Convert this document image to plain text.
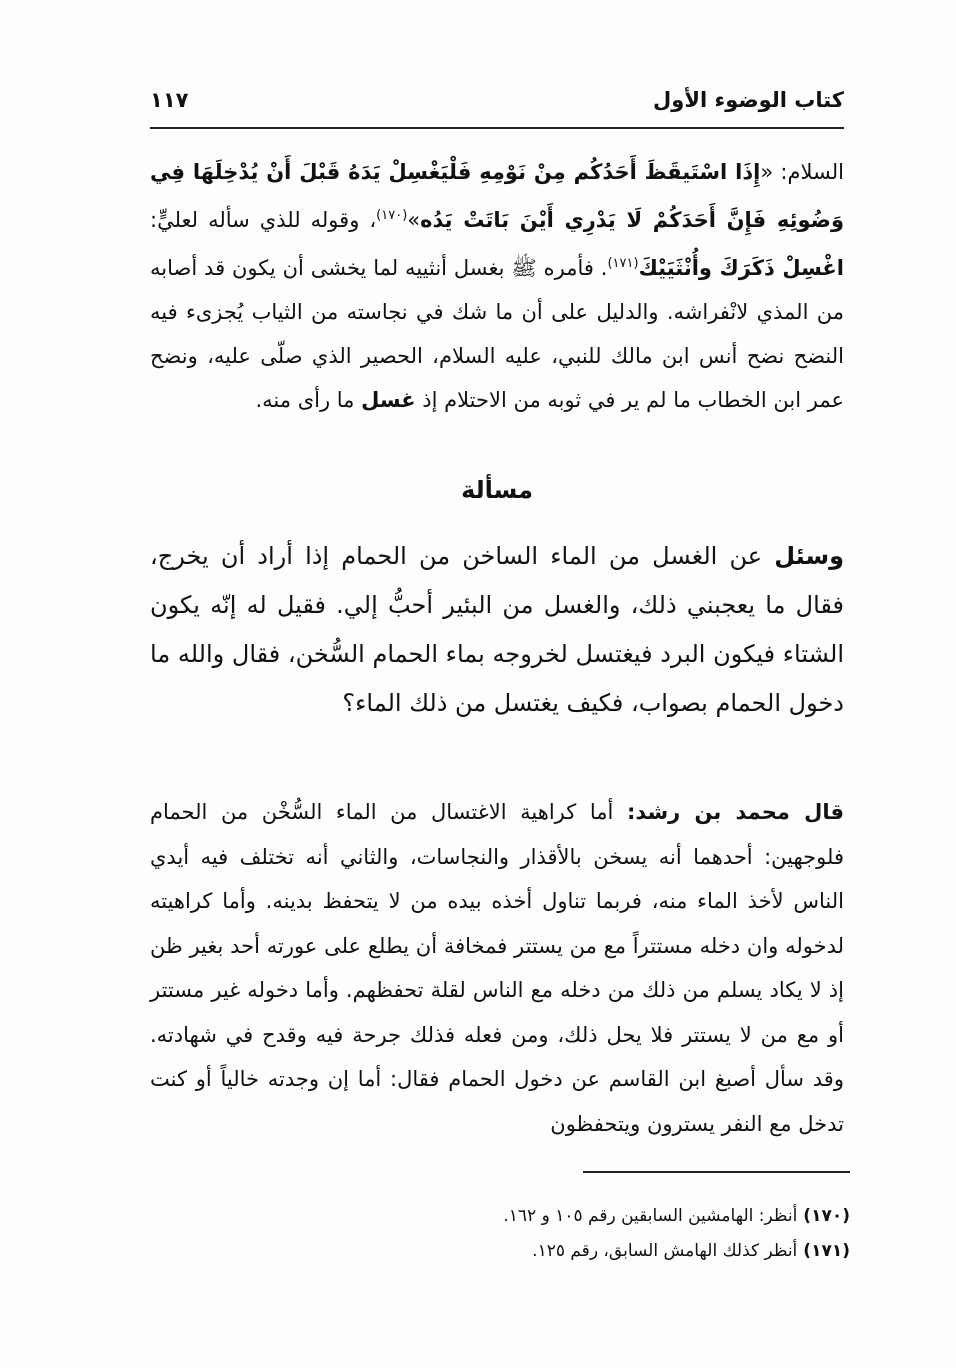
كتاب الوضوء الأول
١١٧

السلام: «إِذَا اسْتَيقَظَ أَحَدُكُم مِنْ نَوْمِهِ فَلْيَغْسِلْ يَدَهُ قَبْلَ أَنْ يُدْخِلَهَا فِي وَضُوئِهِ فَإِنَّ أَحَدَكُمْ لَا يَدْرِي أَيْنَ بَاتَتْ يَدُه»$^{(١٧٠)}$، وقوله للذي سأله لعليٍّ: اغْسِلْ ذَكَرَكَ وأُنْثَيَيْكَ$^{(١٧١)}$. فأمره ﷺ بغسل أنثييه لما يخشى أن يكون قد أصابه من المذي لانْفراشه. والدليل على أن ما شك في نجاسته من الثياب يُجزىء فيه النضح نضح أنس ابن مالك للنبي، عليه السلام، الحصير الذي صلّى عليه، ونضح عمر ابن الخطاب ما لم ير في ثوبه من الاحتلام إذ غسل ما رأى منه.

مسألة

وسئل عن الغسل من الماء الساخن من الحمام إذا أراد أن يخرج، فقال ما يعجبني ذلك، والغسل من البئير أحبُّ إلي. فقيل له إنّه يكون الشتاء فيكون البرد فيغتسل لخروجه بماء الحمام السُّخن، فقال والله ما دخول الحمام بصواب، فكيف يغتسل من ذلك الماء؟

قال محمد بن رشد: أما كراهية الاغتسال من الماء السُّخْن من الحمام فلوجهين: أحدهما أنه يسخن بالأقذار والنجاسات، والثاني أنه تختلف فيه أيدي الناس لأخذ الماء منه، فربما تناول أخذه بيده من لا يتحفظ بدينه. وأما كراهيته لدخوله وان دخله مستتراً مع من يستتر فمخافة أن يطلع على عورته أحد بغير ظن إذ لا يكاد يسلم من ذلك من دخله مع الناس لقلة تحفظهم. وأما دخوله غير مستتر أو مع من لا يستتر فلا يحل ذلك، ومن فعله فذلك جرحة فيه وقدح في شهادته. وقد سأل أصبغ ابن القاسم عن دخول الحمام فقال: أما إن وجدته خالياً أو كنت تدخل مع النفر يسترون ويتحفظون

(١٧٠)أنظر: الهامشين السابقين رقم ١٠٥ و ١٦٢.
(١٧١)أنظر كذلك الهامش السابق، رقم ١٢٥.
